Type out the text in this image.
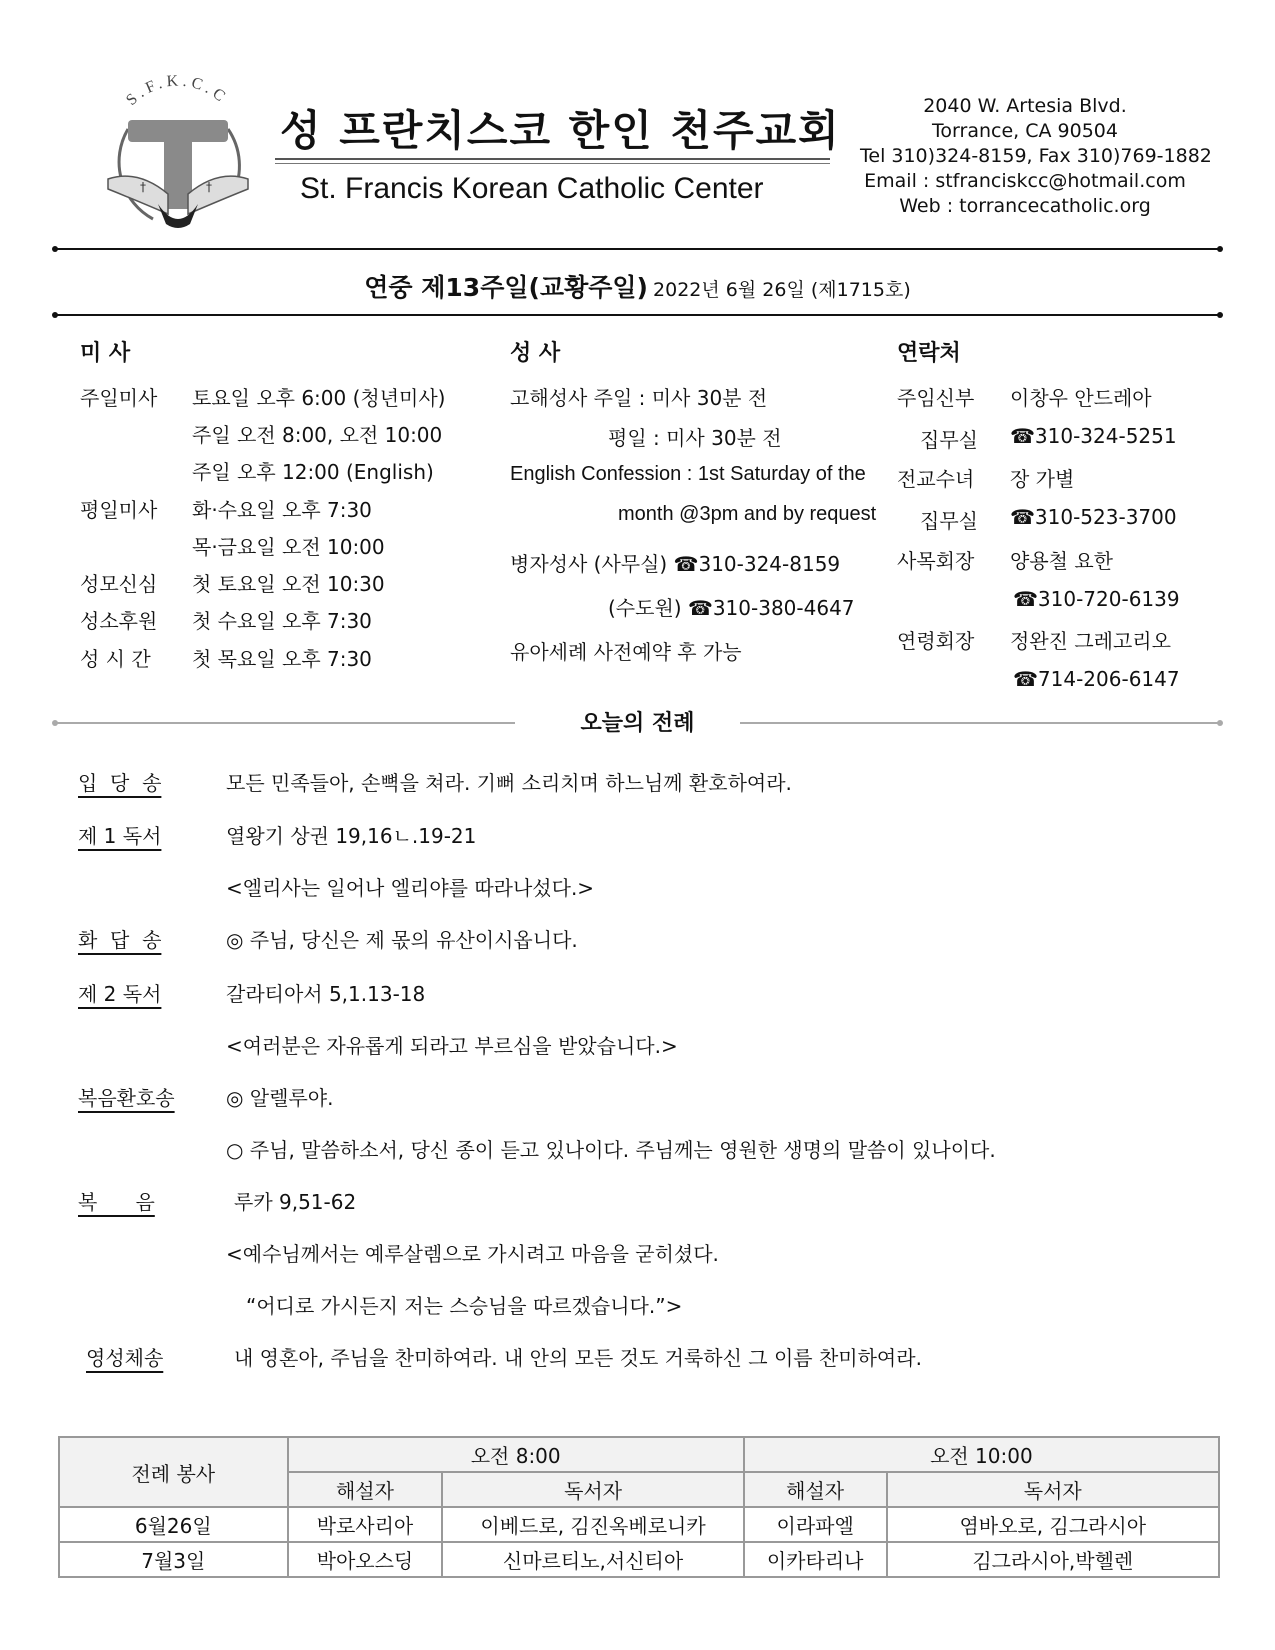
S.F.K.C.C
†	†
성 프란치스코 한인 천주교회
St. Francis Korean Catholic Center
2040 W. Artesia Blvd.
Torrance, CA 90504
Tel 310)324-8159, Fax 310)769-1882
Email : stfranciskcc@hotmail.com
Web : torrancecatholic.org
연중 제13주일(교황주일) 2022년 6월 26일 (제1715호)
미 사
주일미사 토요일 오후 6:00 (청년미사)
주일 오전 8:00, 오전 10:00
주일 오후 12:00 (English)
평일미사 화·수요일 오후 7:30
목·금요일 오전 10:00
성모신심 첫 토요일 오전 10:30
성소후원 첫 수요일 오후 7:30
성 시 간 첫 목요일 오후 7:30
성 사
고해성사 주일 : 미사 30분 전
평일 : 미사 30분 전
English Confession : 1st Saturday of the
month @3pm and by request
병자성사 (사무실) ☎310-324-8159
(수도원) ☎310-380-4647
유아세례 사전예약 후 가능
연락처
주임신부 이창우 안드레아
집무실 ☎310-324-5251
전교수녀 장 가별
집무실 ☎310-523-3700
사목회장 양용철 요한
☎310-720-6139
연령회장 정완진 그레고리오
☎714-206-6147
오늘의 전례
입  당  송	모든 민족들아, 손뼉을 쳐라. 기뻐 소리치며 하느님께 환호하여라.
제 1 독서	열왕기 상권 19,16ㄴ.19-21
<엘리사는 일어나 엘리야를 따라나섰다.>
화  답  송	◎ 주님, 당신은 제 몫의 유산이시옵니다.
제 2 독서	갈라티아서 5,1.13-18
<여러분은 자유롭게 되라고 부르심을 받았습니다.>
복음환호송	◎ 알렐루야.
○ 주님, 말씀하소서, 당신 종이 듣고 있나이다. 주님께는 영원한 생명의 말씀이 있나이다.
복      음	루카 9,51-62
<예수님께서는 예루살렘으로 가시려고 마음을 굳히셨다.
“어디로 가시든지 저는 스승님을 따르겠습니다.”>
영성체송	내 영혼아, 주님을 찬미하여라. 내 안의 모든 것도 거룩하신 그 이름 찬미하여라.
전례 봉사	오전 8:00		오전 10:00	
	해설자	독서자	해설자	독서자
6월26일	박로사리아	이베드로, 김진옥베로니카	이라파엘	염바오로, 김그라시아
7월3일	박아오스딩	신마르티노,서신티아	이카타리나	김그라시아,박헬렌
